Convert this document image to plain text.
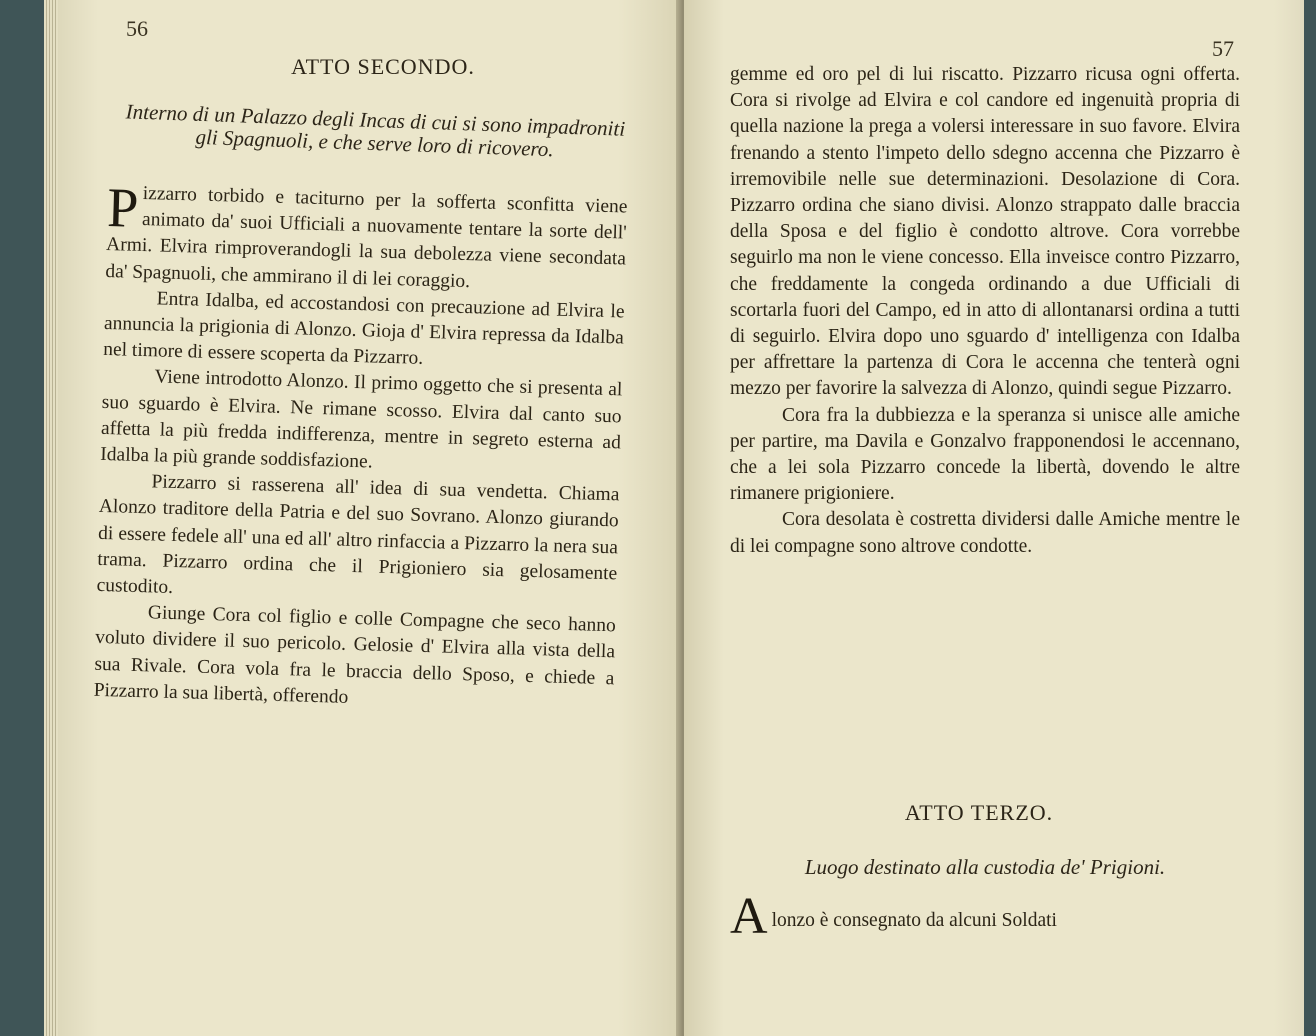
56
ATTO SECONDO.
Interno di un Palazzo degli Incas di cui si sono impadroniti gli Spagnuoli, e che serve loro di ricovero.

Pizzarro torbido e taciturno per la sofferta sconfitta viene animato da' suoi Ufficiali a nuovamente tentare la sorte dell' Armi. Elvira rimproverandogli la sua debolezza viene secondata da' Spagnuoli, che ammirano il di lei coraggio.

Entra Idalba, ed accostandosi con precauzione ad Elvira le annuncia la prigionia di Alonzo. Gioja d' Elvira repressa da Idalba nel timore di essere scoperta da Pizzarro.

Viene introdotto Alonzo. Il primo oggetto che si presenta al suo sguardo è Elvira. Ne rimane scosso. Elvira dal canto suo affetta la più fredda indifferenza, mentre in segreto esterna ad Idalba la più grande soddisfazione.

Pizzarro si rasserena all' idea di sua vendetta. Chiama Alonzo traditore della Patria e del suo Sovrano. Alonzo giurando di essere fedele all' una ed all' altro rinfaccia a Pizzarro la nera sua trama. Pizzarro ordina che il Prigioniero sia gelosamente custodito.

Giunge Cora col figlio e colle Compagne che seco hanno voluto dividere il suo pericolo. Gelosie d' Elvira alla vista della sua Rivale. Cora vola fra le braccia dello Sposo, e chiede a Pizzarro la sua libertà, offerendo

57

gemme ed oro pel di lui riscatto. Pizzarro ricusa ogni offerta. Cora si rivolge ad Elvira e col candore ed ingenuità propria di quella nazione la prega a volersi interessare in suo favore. Elvira frenando a stento l'impeto dello sdegno accenna che Pizzarro è irremovibile nelle sue determinazioni. Desolazione di Cora. Pizzarro ordina che siano divisi. Alonzo strappato dalle braccia della Sposa e del figlio è condotto altrove. Cora vorrebbe seguirlo ma non le viene concesso. Ella inveisce contro Pizzarro, che freddamente la congeda ordinando a due Ufficiali di scortarla fuori del Campo, ed in atto di allontanarsi ordina a tutti di seguirlo. Elvira dopo uno sguardo d' intelligenza con Idalba per affrettare la partenza di Cora le accenna che tenterà ogni mezzo per favorire la salvezza di Alonzo, quindi segue Pizzarro.

Cora fra la dubbiezza e la speranza si unisce alle amiche per partire, ma Davila e Gonzalvo frapponendosi le accennano, che a lei sola Pizzarro concede la libertà, dovendo le altre rimanere prigioniere.

Cora desolata è costretta dividersi dalle Amiche mentre le di lei compagne sono altrove condotte.

ATTO TERZO.
Luogo destinato alla custodia de' Prigioni.

A lonzo è consegnato da alcuni Soldati
